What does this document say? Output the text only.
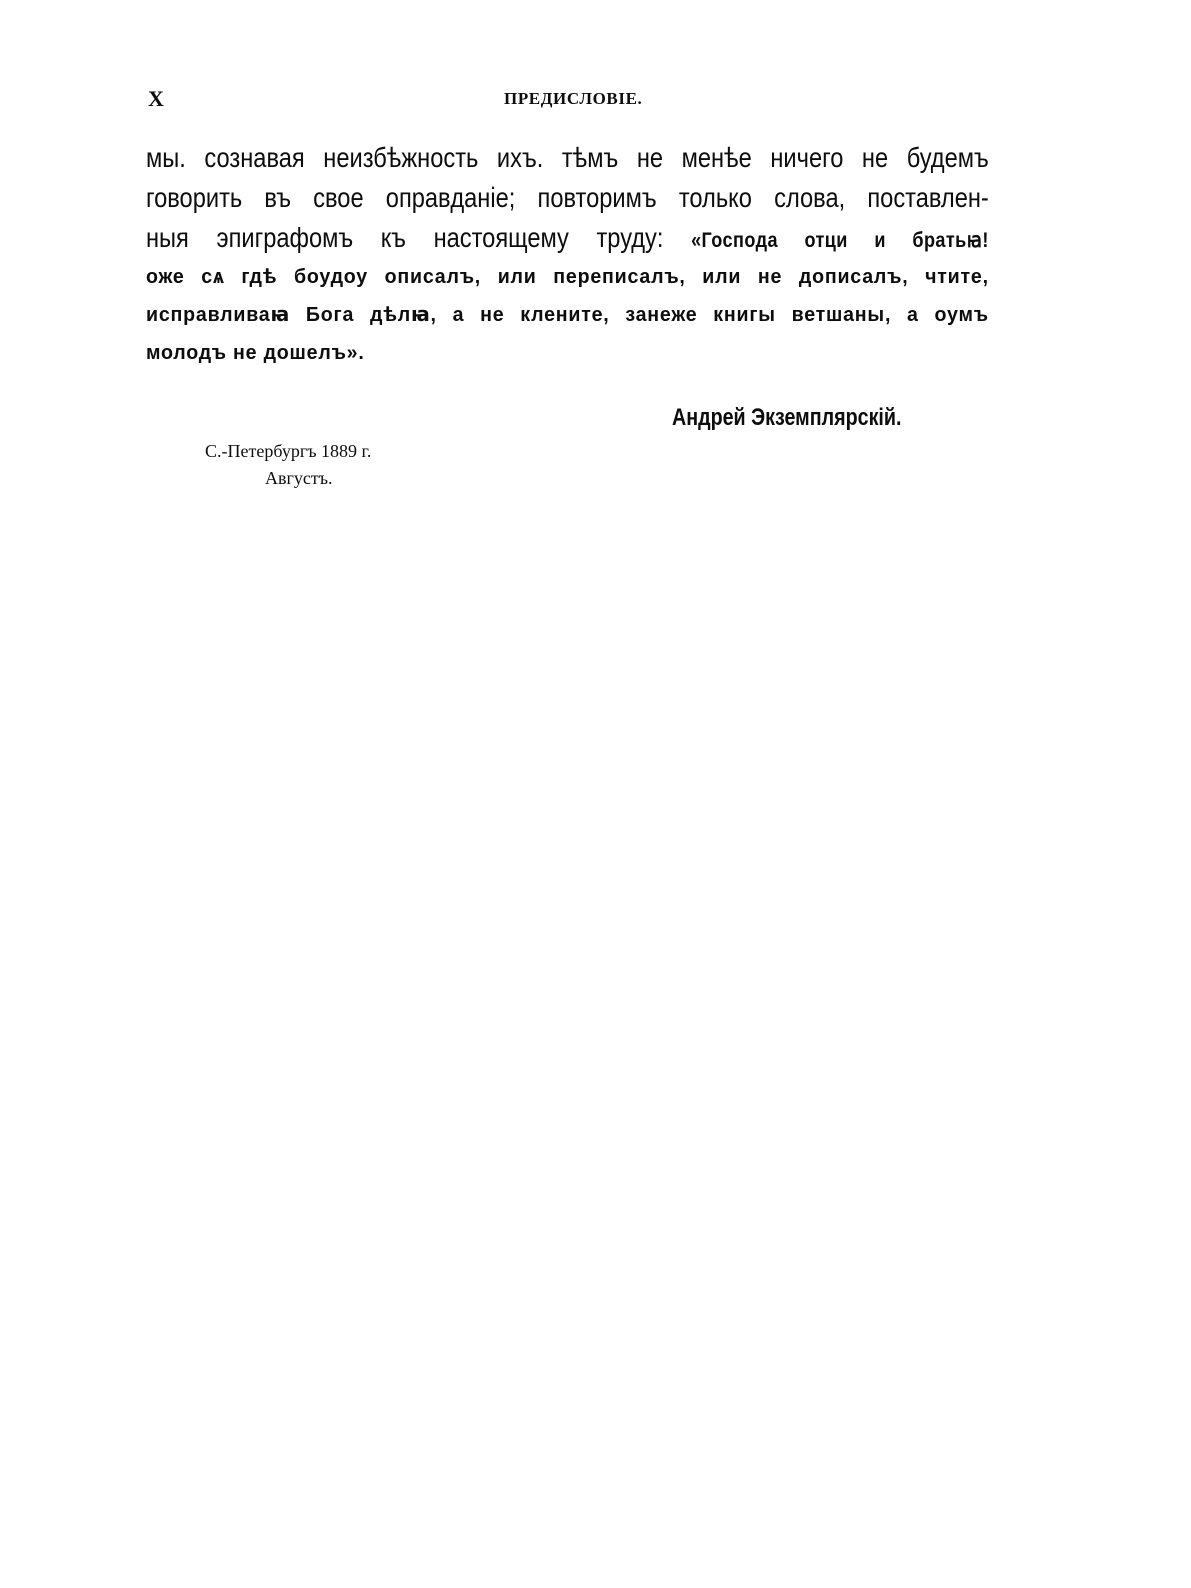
X	ПРЕДИСЛОВІЕ.
мы. сознавая неизбѣжность ихъ. тѣмъ не менѣе ничего не будемъ
говорить въ свое оправданіе; повторимъ только слова, поставлен-
ныя эпиграфомъ къ настоящему труду: «Господа отци и братьꙗ!
оже сѧ гдѣ боудоу описалъ, или переписалъ, или не дописалъ, чтите,
исправливаꙗ Бога дѣлꙗ, а не клените, занеже книгы ветшаны, а оумъ
молодъ не дошелъ».
Андрей Экземплярскій.
С.-Петербургъ 1889 г.
Августъ.
